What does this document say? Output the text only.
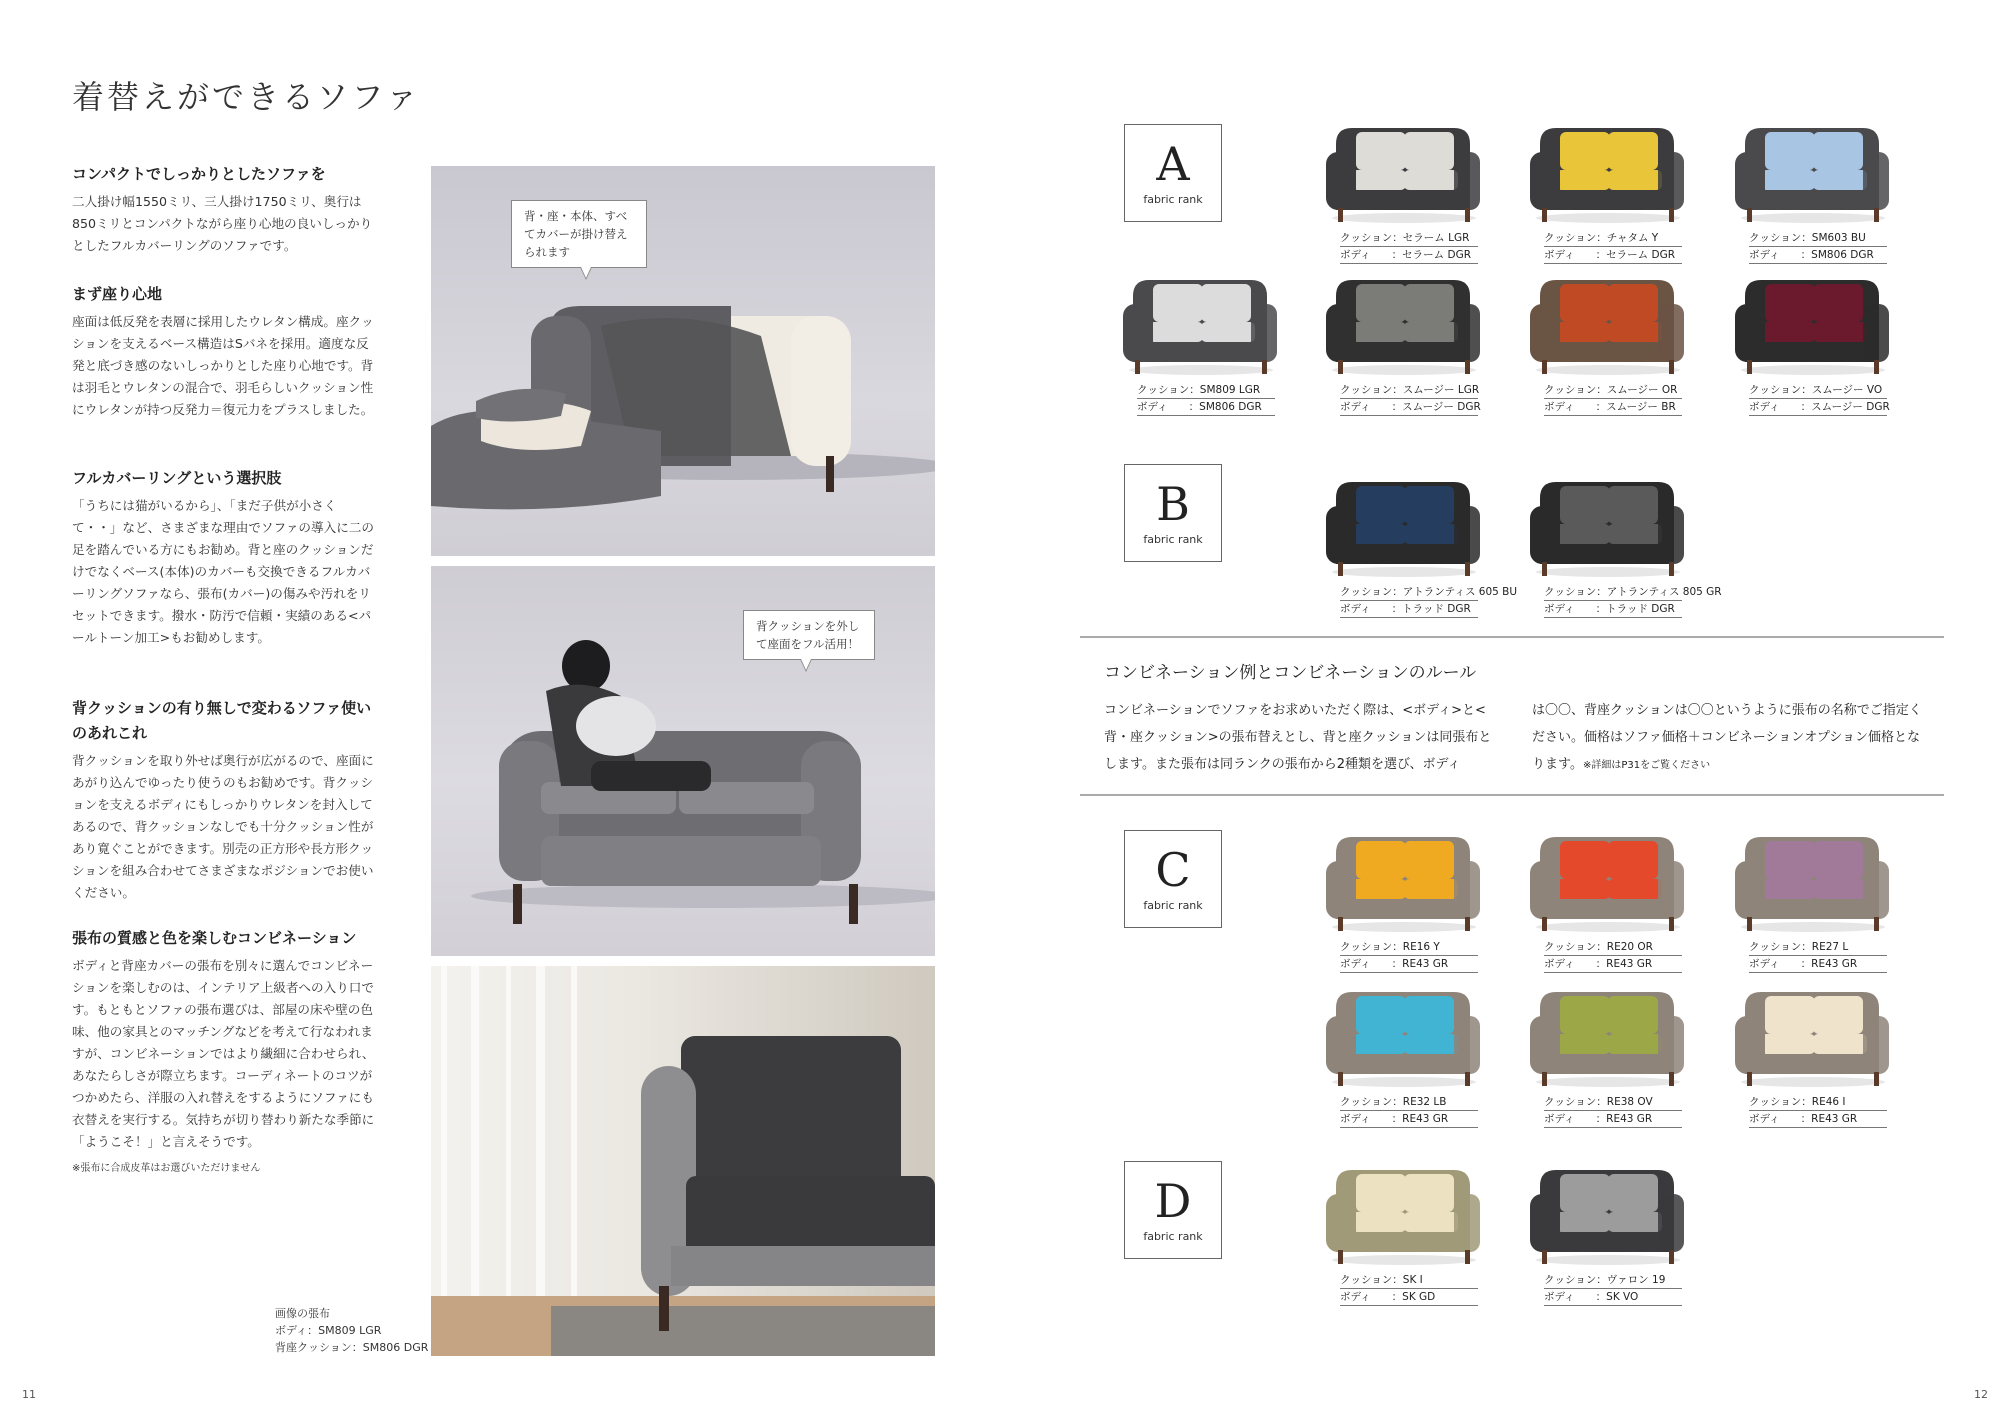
着替えができるソファ
コンパクトでしっかりとしたソファを
二人掛け幅1550ミリ、三人掛け1750ミリ、奥行は850ミリとコンパクトながら座り心地の良いしっかりとしたフルカバーリングのソファです。
まず座り心地
座面は低反発を表層に採用したウレタン構成。座クッションを支えるベース構造はSバネを採用。適度な反発と底づき感のないしっかりとした座り心地です。背は羽毛とウレタンの混合で、羽毛らしいクッション性にウレタンが持つ反発力＝復元力をプラスしました。
フルカバーリングという選択肢
「うちには猫がいるから」、「まだ子供が小さくて・・」など、さまざまな理由でソファの導入に二の足を踏んでいる方にもお勧め。背と座のクッションだけでなくベース(本体)のカバーも交換できるフルカバーリングソファなら、張布(カバー)の傷みや汚れをリセットできます。撥水・防汚で信頼・実績のある<パールトーン加工>もお勧めします。
背クッションの有り無しで変わるソファ使いのあれこれ
背クッションを取り外せば奥行が広がるので、座面にあがり込んでゆったり使うのもお勧めです。背クッションを支えるボディにもしっかりウレタンを封入してあるので、背クッションなしでも十分クッション性があり寛ぐことができます。別売の正方形や長方形クッションを組み合わせてさまざまなポジションでお使いください。
張布の質感と色を楽しむコンビネーション
ボディと背座カバーの張布を別々に選んでコンビネーションを楽しむのは、インテリア上級者への入り口です。もともとソファの張布選びは、部屋の床や壁の色味、他の家具とのマッチングなどを考えて行なわれますが、コンビネーションではより繊細に合わせられ、あなたらしさが際立ちます。コーディネートのコツがつかめたら、洋服の入れ替えをするようにソファにも衣替えを実行する。気持ちが切り替わり新たな季節に「ようこそ！」と言えそうです。
※張布に合成皮革はお選びいただけません
背・座・本体、すべてカバーが掛け替えられます
背クッションを外して座面をフル活用！
画像の張布
ボディ：SM809 LGR
背座クッション：SM806 DGR
11
A
fabric rank
B
fabric rank
C
fabric rank
D
fabric rank
クッション：セラーム LGR
ボディ　　：セラーム DGR
クッション：チャタム Y
ボディ　　：セラーム DGR
クッション：SM603 BU
ボディ　　：SM806 DGR
クッション：SM809 LGR
ボディ　　：SM806 DGR
クッション：スムージー LGR
ボディ　　：スムージー DGR
クッション：スムージー OR
ボディ　　：スムージー BR
クッション：スムージー VO
ボディ　　：スムージー DGR
クッション：アトランティス 605 BU
ボディ　　：トラッド DGR
クッション：アトランティス 805 GR
ボディ　　：トラッド DGR
クッション：RE16 Y
ボディ　　：RE43 GR
クッション：RE20 OR
ボディ　　：RE43 GR
クッション：RE27 L
ボディ　　：RE43 GR
クッション：RE32 LB
ボディ　　：RE43 GR
クッション：RE38 OV
ボディ　　：RE43 GR
クッション：RE46 I
ボディ　　：RE43 GR
クッション：SK I
ボディ　　：SK GD
クッション：ヴァロン 19
ボディ　　：SK VO
コンビネーション例とコンビネーションのルール
コンビネーションでソファをお求めいただく際は、<ボディ>と<背・座クッション>の張布替えとし、背と座クッションは同張布とします。また張布は同ランクの張布から2種類を選び、ボディ
は〇〇、背座クッションは〇〇というように張布の名称でご指定ください。価格はソファ価格＋コンビネーションオプション価格となります。※詳細はP31をご覧ください
12
